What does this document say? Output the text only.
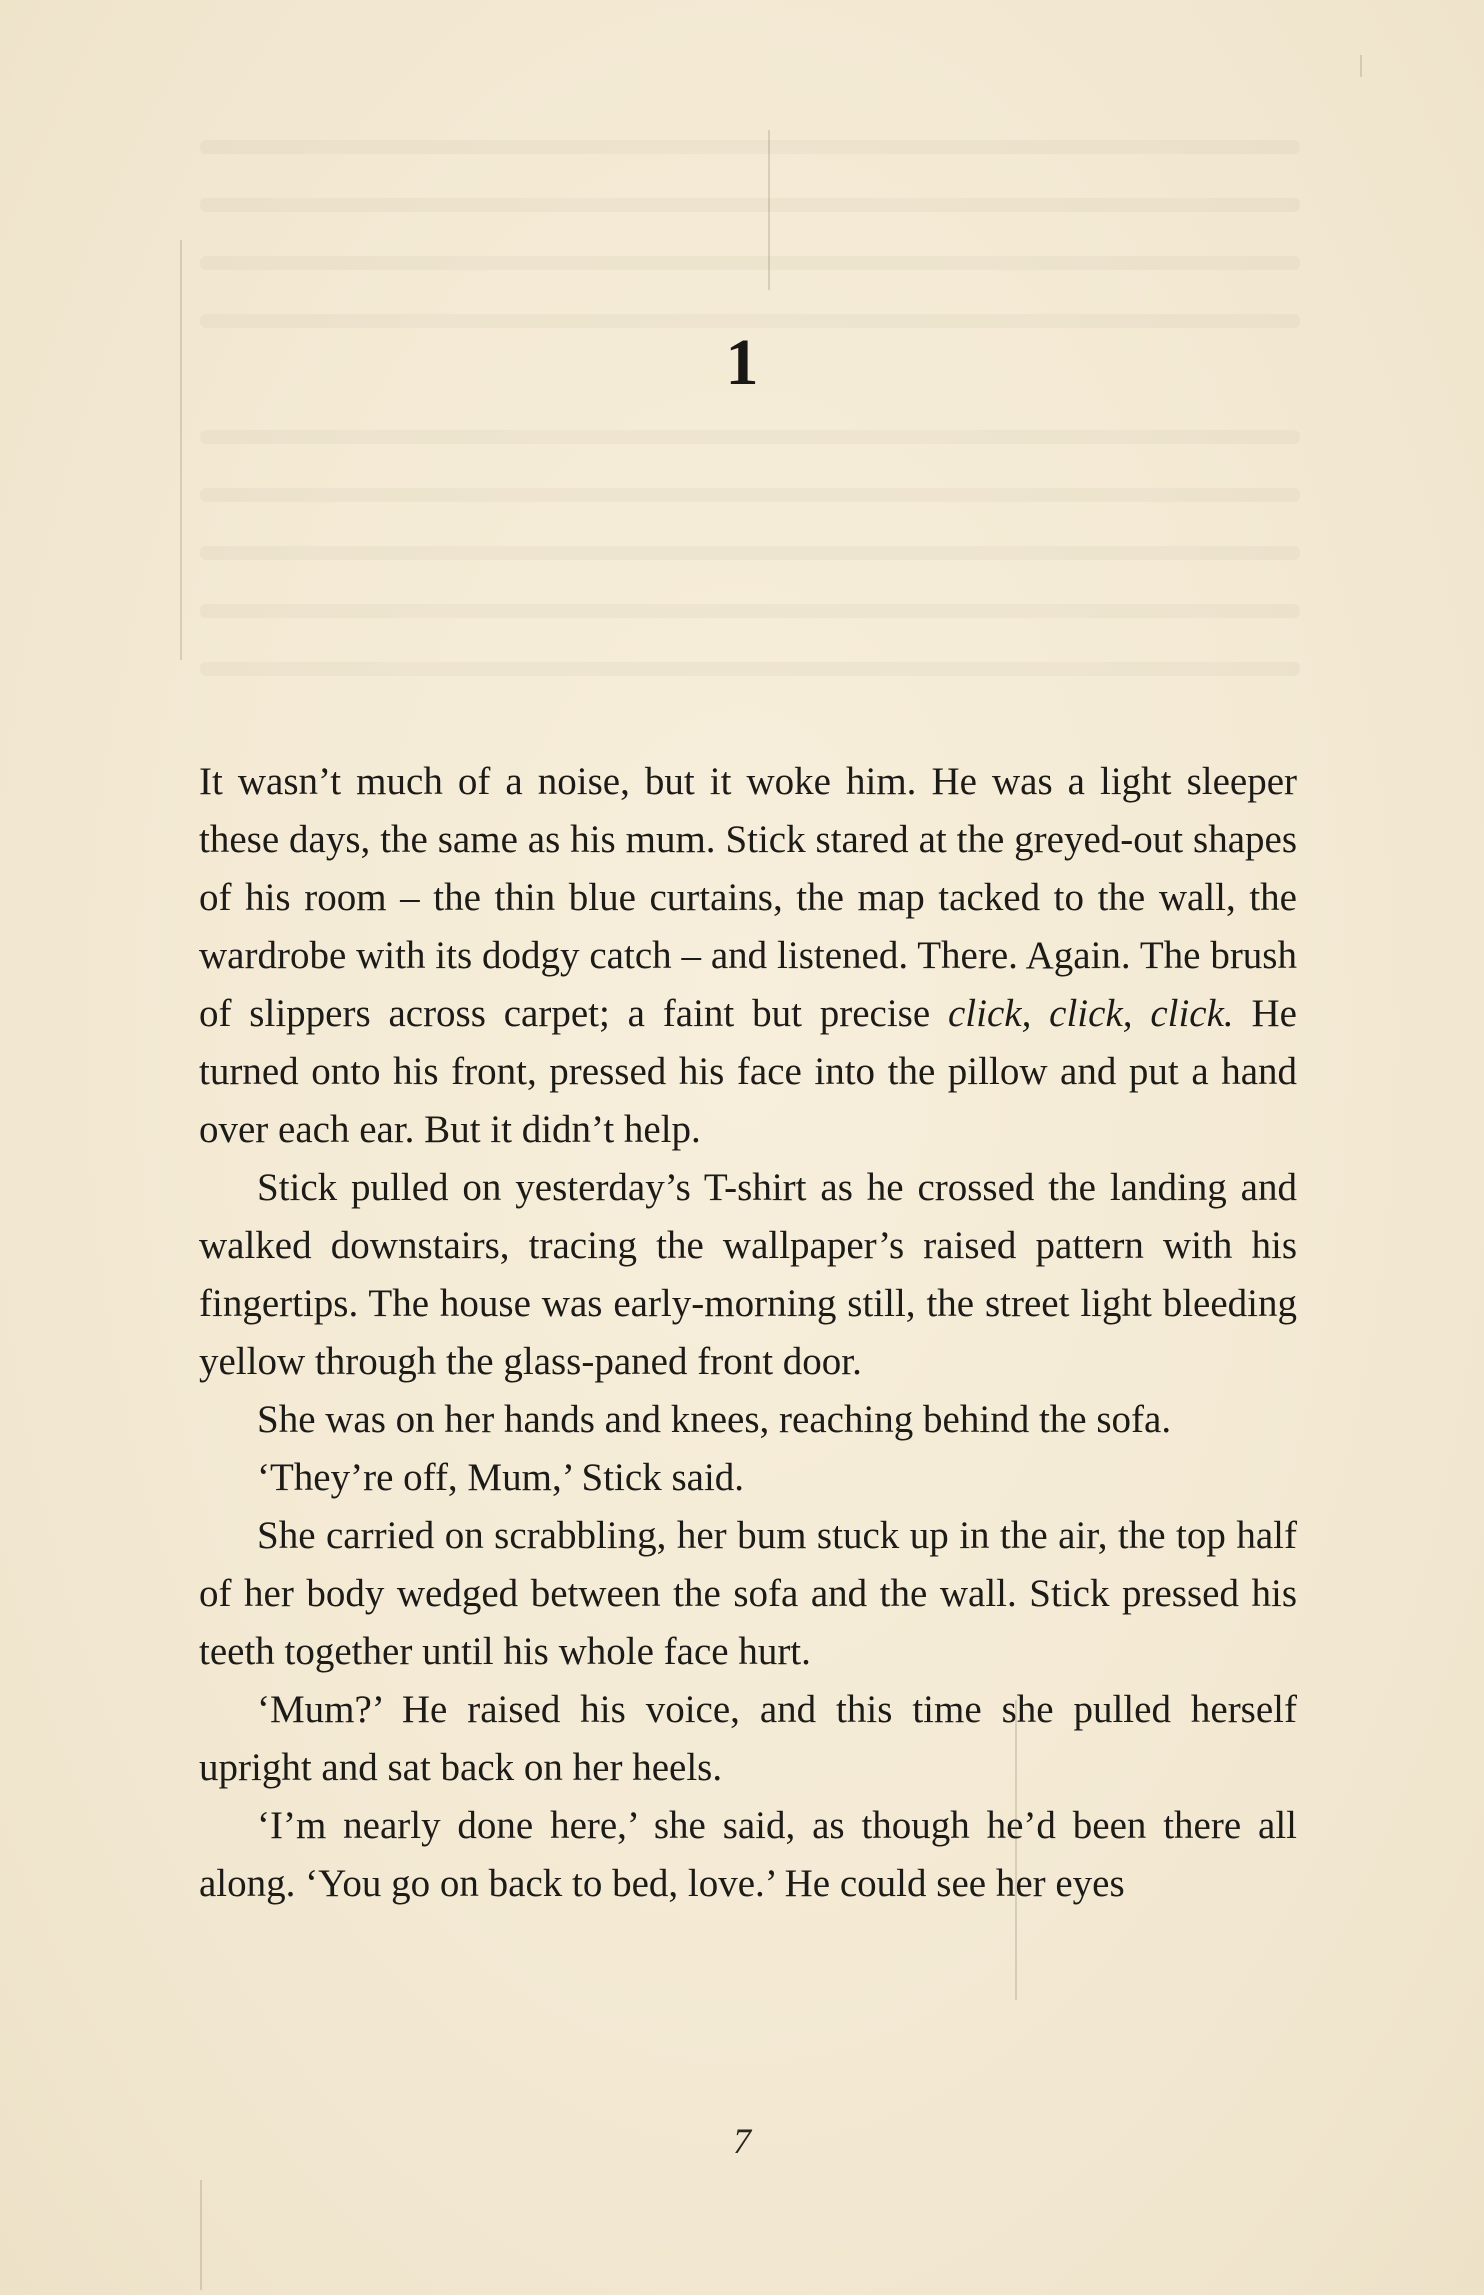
1

It wasn’t much of a noise, but it woke him. He was a light sleeper these days, the same as his mum. Stick stared at the greyed-out shapes of his room – the thin blue curtains, the map tacked to the wall, the wardrobe with its dodgy catch – and listened. There. Again. The brush of slippers across carpet; a faint but precise click, click, click. He turned onto his front, pressed his face into the pillow and put a hand over each ear. But it didn’t help.

Stick pulled on yesterday’s T-shirt as he crossed the landing and walked downstairs, tracing the wallpaper’s raised pattern with his fingertips. The house was early-morning still, the street light bleeding yellow through the glass-paned front door.

She was on her hands and knees, reaching behind the sofa.

‘They’re off, Mum,’ Stick said.

She carried on scrabbling, her bum stuck up in the air, the top half of her body wedged between the sofa and the wall. Stick pressed his teeth together until his whole face hurt.

‘Mum?’ He raised his voice, and this time she pulled herself upright and sat back on her heels.

‘I’m nearly done here,’ she said, as though he’d been there all along. ‘You go on back to bed, love.’ He could see her eyes

7
